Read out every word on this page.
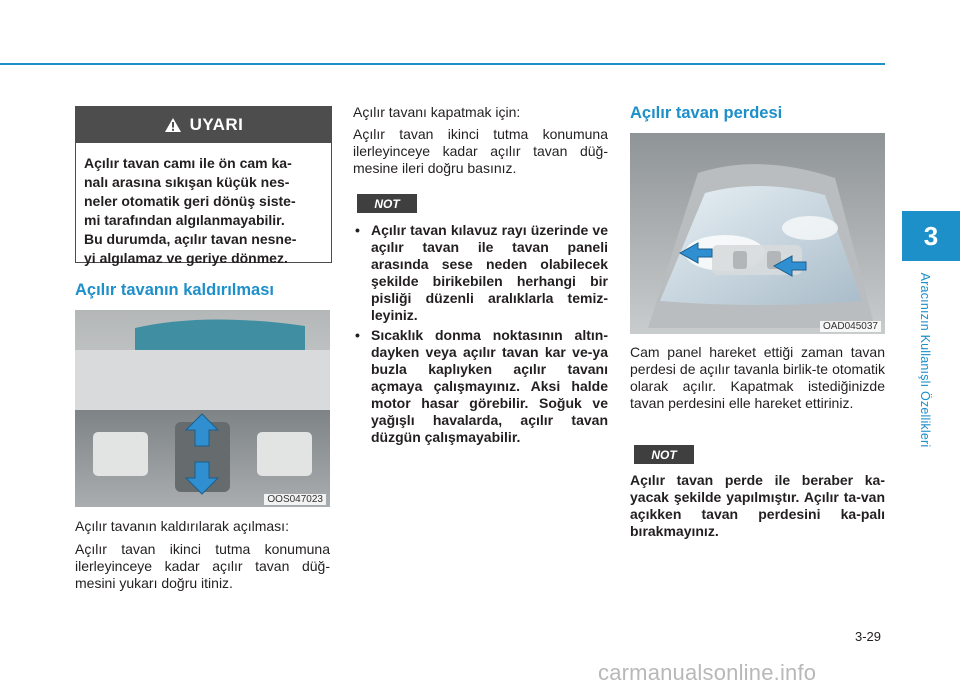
3
Aracınızın Kullanışlı Özellikleri
UYARI
Açılır tavan camı ile ön cam ka-
nalı arasına sıkışan küçük nes-
neler otomatik geri dönüş siste-
mi tarafından algılanmayabilir.
Bu durumda, açılır tavan nesne-
yi algılamaz ve geriye dönmez.
Açılır tavanın kaldırılması
OOS047023
Açılır tavanın kaldırılarak açılması:
Açılır tavan ikinci tutma konumuna ilerleyinceye kadar açılır tavan düğ-mesini yukarı doğru itiniz.
Açılır tavanı kapatmak için:
Açılır tavan ikinci tutma konumuna ilerleyinceye kadar açılır tavan düğ-mesine ileri doğru basınız.
NOT
• Açılır tavan kılavuz rayı üzerinde ve açılır tavan ile tavan paneli arasında sese neden olabilecek şekilde birikebilen herhangi bir pisliği düzenli aralıklarla temiz-leyiniz.
• Sıcaklık donma noktasının altın-dayken veya açılır tavan kar ve-ya buzla kaplıyken açılır tavanı açmaya çalışmayınız. Aksi halde motor hasar görebilir. Soğuk ve yağışlı havalarda, açılır tavan düzgün çalışmayabilir.
Açılır tavan perdesi
OAD045037
Cam panel hareket ettiği zaman tavan perdesi de açılır tavanla birlik-te otomatik olarak açılır. Kapatmak istediğinizde tavan perdesini elle hareket ettiriniz.
NOT
Açılır tavan perde ile beraber ka-yacak şekilde yapılmıştır. Açılır ta-van açıkken tavan perdesini ka-palı bırakmayınız.
3-29
carmanualsonline.info
